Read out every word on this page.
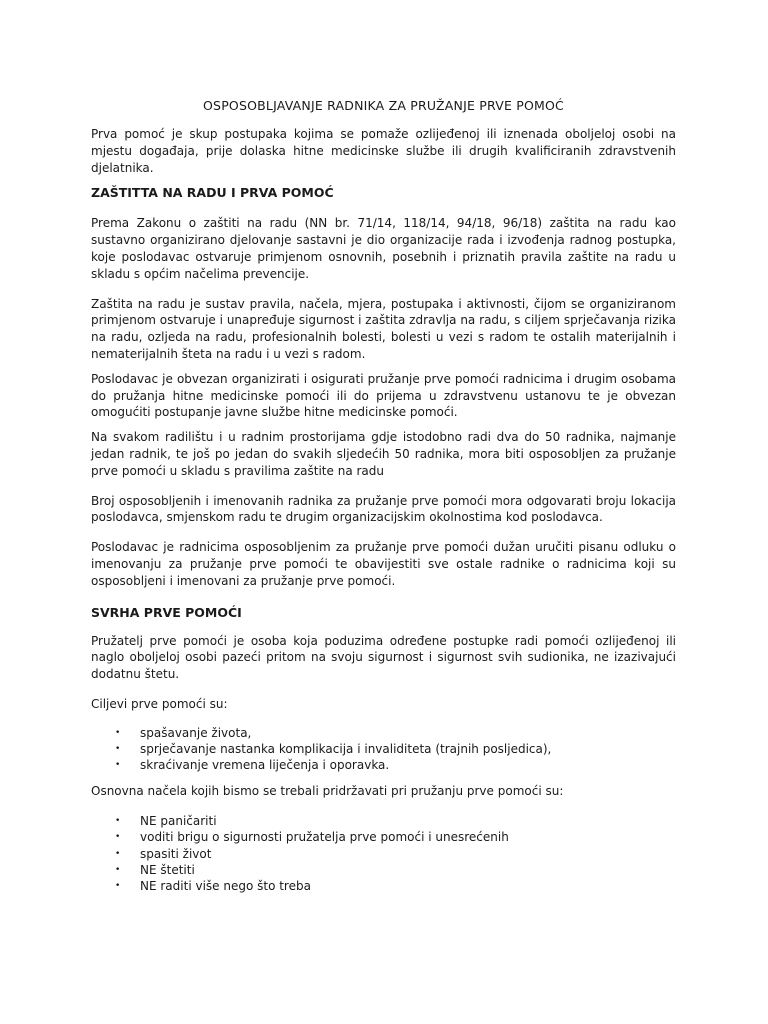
OSPOSOBLJAVANJE RADNIKA ZA PRUŽANJE PRVE POMOĆ

Prva pomoć je skup postupaka kojima se pomaže ozlijeđenoj ili iznenada oboljeloj osobi na mjestu događaja, prije dolaska hitne medicinske službe ili drugih kvalificiranih zdravstvenih djelatnika.

ZAŠTITTA NA RADU I PRVA POMOĆ

Prema Zakonu o zaštiti na radu (NN br. 71/14, 118/14, 94/18, 96/18) zaštita na radu kao sustavno organizirano djelovanje sastavni je dio organizacije rada i izvođenja radnog postupka, koje poslodavac ostvaruje primjenom osnovnih, posebnih i priznatih pravila zaštite na radu u skladu s općim načelima prevencije.

Zaštita na radu je sustav pravila, načela, mjera, postupaka i aktivnosti, čijom se organiziranom primjenom ostvaruje i unapređuje sigurnost i zaštita zdravlja na radu, s ciljem sprječavanja rizika na radu, ozljeda na radu, profesionalnih bolesti, bolesti u vezi s radom te ostalih materijalnih i nematerijalnih šteta na radu i u vezi s radom.

Poslodavac je obvezan organizirati i osigurati pružanje prve pomoći radnicima i drugim osobama do pružanja hitne medicinske pomoći ili do prijema u zdravstvenu ustanovu te je obvezan omogućiti postupanje javne službe hitne medicinske pomoći.

Na svakom radilištu i u radnim prostorijama gdje istodobno radi dva do 50 radnika, najmanje jedan radnik, te još po jedan do svakih sljedećih 50 radnika, mora biti osposobljen za pružanje prve pomoći u skladu s pravilima zaštite na radu

Broj osposobljenih i imenovanih radnika za pružanje prve pomoći mora odgovarati broju lokacija poslodavca, smjenskom radu te drugim organizacijskim okolnostima kod poslodavca.

Poslodavac je radnicima osposobljenim za pružanje prve pomoći dužan uručiti pisanu odluku o imenovanju za pružanje prve pomoći te obavijestiti sve ostale radnike o radnicima koji su osposobljeni i imenovani za pružanje prve pomoći.

SVRHA PRVE POMOĆI

Pružatelj prve pomoći je osoba koja poduzima određene postupke radi pomoći ozlijeđenoj ili naglo oboljeloj osobi pazeći pritom na svoju sigurnost i sigurnost svih sudionika, ne izazivajući dodatnu štetu.

Ciljevi prve pomoći su:

•	spašavanje života,
•	sprječavanje nastanka komplikacija i invaliditeta (trajnih posljedica),
•	skraćivanje vremena liječenja i oporavka.

Osnovna načela kojih bismo se trebali pridržavati pri pružanju prve pomoći su:

•	NE paničariti
•	voditi brigu o sigurnosti pružatelja prve pomoći i unesrećenih
•	spasiti život
•	NE štetiti
•	NE raditi više nego što treba
